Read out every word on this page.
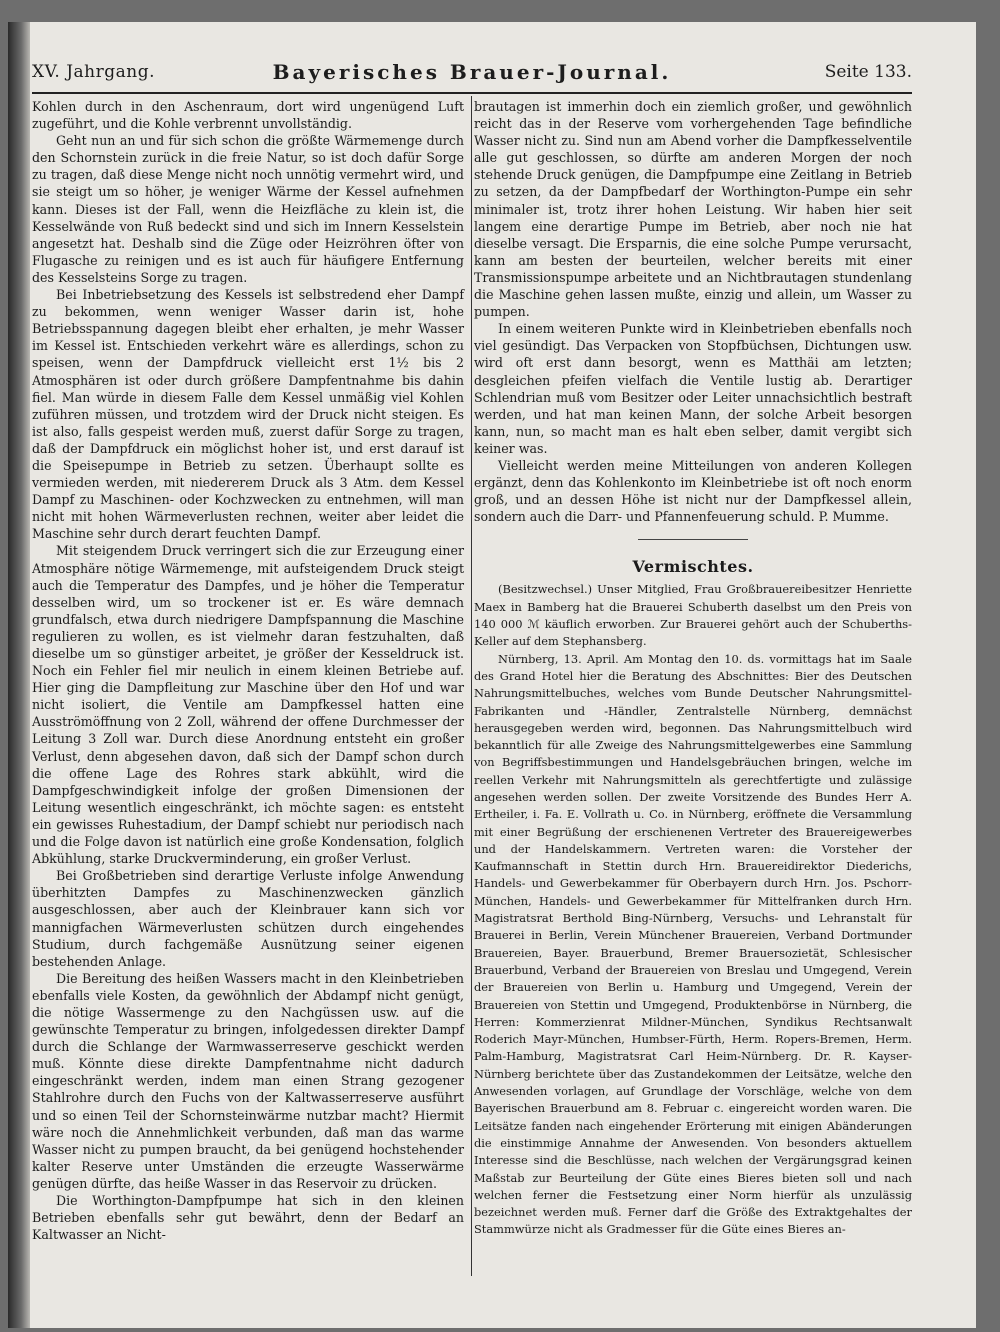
XV. Jahrgang.	Bayerisches Brauer-Journal.	Seite 133.

Kohlen durch in den Aschenraum, dort wird ungenügend Luft zugeführt, und die Kohle verbrennt unvollständig.

Geht nun an und für sich schon die größte Wärmemenge durch den Schornstein zurück in die freie Natur, so ist doch dafür Sorge zu tragen, daß diese Menge nicht noch unnötig vermehrt wird, und sie steigt um so höher, je weniger Wärme der Kessel aufnehmen kann. Dieses ist der Fall, wenn die Heizfläche zu klein ist, die Kesselwände von Ruß bedeckt sind und sich im Innern Kesselstein angesetzt hat. Deshalb sind die Züge oder Heizröhren öfter von Flugasche zu reinigen und es ist auch für häufigere Entfernung des Kesselsteins Sorge zu tragen.

Bei Inbetriebsetzung des Kessels ist selbstredend eher Dampf zu bekommen, wenn weniger Wasser darin ist, hohe Betriebsspannung dagegen bleibt eher erhalten, je mehr Wasser im Kessel ist. Entschieden verkehrt wäre es allerdings, schon zu speisen, wenn der Dampfdruck vielleicht erst 1½ bis 2 Atmosphären ist oder durch größere Dampfentnahme bis dahin fiel. Man würde in diesem Falle dem Kessel unmäßig viel Kohlen zuführen müssen, und trotzdem wird der Druck nicht steigen. Es ist also, falls gespeist werden muß, zuerst dafür Sorge zu tragen, daß der Dampfdruck ein möglichst hoher ist, und erst darauf ist die Speisepumpe in Betrieb zu setzen. Überhaupt sollte es vermieden werden, mit niedererem Druck als 3 Atm. dem Kessel Dampf zu Maschinen- oder Kochzwecken zu entnehmen, will man nicht mit hohen Wärmeverlusten rechnen, weiter aber leidet die Maschine sehr durch derart feuchten Dampf.

Mit steigendem Druck verringert sich die zur Erzeugung einer Atmosphäre nötige Wärmemenge, mit aufsteigendem Druck steigt auch die Temperatur des Dampfes, und je höher die Temperatur desselben wird, um so trockener ist er. Es wäre demnach grundfalsch, etwa durch niedrigere Dampfspannung die Maschine regulieren zu wollen, es ist vielmehr daran festzuhalten, daß dieselbe um so günstiger arbeitet, je größer der Kesseldruck ist. Noch ein Fehler fiel mir neulich in einem kleinen Betriebe auf. Hier ging die Dampfleitung zur Maschine über den Hof und war nicht isoliert, die Ventile am Dampfkessel hatten eine Ausströmöffnung von 2 Zoll, während der offene Durchmesser der Leitung 3 Zoll war. Durch diese Anordnung entsteht ein großer Verlust, denn abgesehen davon, daß sich der Dampf schon durch die offene Lage des Rohres stark abkühlt, wird die Dampfgeschwindigkeit infolge der großen Dimensionen der Leitung wesentlich eingeschränkt, ich möchte sagen: es entsteht ein gewisses Ruhestadium, der Dampf schiebt nur periodisch nach und die Folge davon ist natürlich eine große Kondensation, folglich Abkühlung, starke Druckverminderung, ein großer Verlust.

Bei Großbetrieben sind derartige Verluste infolge Anwendung überhitzten Dampfes zu Maschinenzwecken gänzlich ausgeschlossen, aber auch der Kleinbrauer kann sich vor mannigfachen Wärmeverlusten schützen durch eingehendes Studium, durch fachgemäße Ausnützung seiner eigenen bestehenden Anlage.

Die Bereitung des heißen Wassers macht in den Kleinbetrieben ebenfalls viele Kosten, da gewöhnlich der Abdampf nicht genügt, die nötige Wassermenge zu den Nachgüssen usw. auf die gewünschte Temperatur zu bringen, infolgedessen direkter Dampf durch die Schlange der Warmwasserreserve geschickt werden muß. Könnte diese direkte Dampfentnahme nicht dadurch eingeschränkt werden, indem man einen Strang gezogener Stahlrohre durch den Fuchs von der Kaltwasserreserve ausführt und so einen Teil der Schornsteinwärme nutzbar macht? Hiermit wäre noch die Annehmlichkeit verbunden, daß man das warme Wasser nicht zu pumpen braucht, da bei genügend hochstehender kalter Reserve unter Umständen die erzeugte Wasserwärme genügen dürfte, das heiße Wasser in das Reservoir zu drücken.

Die Worthington-Dampfpumpe hat sich in den kleinen Betrieben ebenfalls sehr gut bewährt, denn der Bedarf an Kaltwasser an Nicht-

brautagen ist immerhin doch ein ziemlich großer, und gewöhnlich reicht das in der Reserve vom vorhergehenden Tage befindliche Wasser nicht zu. Sind nun am Abend vorher die Dampfkesselventile alle gut geschlossen, so dürfte am anderen Morgen der noch stehende Druck genügen, die Dampfpumpe eine Zeitlang in Betrieb zu setzen, da der Dampfbedarf der Worthington-Pumpe ein sehr minimaler ist, trotz ihrer hohen Leistung. Wir haben hier seit langem eine derartige Pumpe im Betrieb, aber noch nie hat dieselbe versagt. Die Ersparnis, die eine solche Pumpe verursacht, kann am besten der beurteilen, welcher bereits mit einer Transmissionspumpe arbeitete und an Nichtbrautagen stundenlang die Maschine gehen lassen mußte, einzig und allein, um Wasser zu pumpen.

In einem weiteren Punkte wird in Kleinbetrieben ebenfalls noch viel gesündigt. Das Verpacken von Stopfbüchsen, Dichtungen usw. wird oft erst dann besorgt, wenn es Matthäi am letzten; desgleichen pfeifen vielfach die Ventile lustig ab. Derartiger Schlendrian muß vom Besitzer oder Leiter unnachsichtlich bestraft werden, und hat man keinen Mann, der solche Arbeit besorgen kann, nun, so macht man es halt eben selber, damit vergibt sich keiner was.

Vielleicht werden meine Mitteilungen von anderen Kollegen ergänzt, denn das Kohlenkonto im Kleinbetriebe ist oft noch enorm groß, und an dessen Höhe ist nicht nur der Dampfkessel allein, sondern auch die Darr- und Pfannenfeuerung schuld. P. Mumme.

Vermischtes.

(Besitzwechsel.) Unser Mitglied, Frau Großbrauereibesitzer Henriette Maex in Bamberg hat die Brauerei Schuberth daselbst um den Preis von 140 000 ℳ käuflich erworben. Zur Brauerei gehört auch der Schuberths-Keller auf dem Stephansberg.

Nürnberg, 13. April. Am Montag den 10. ds. vormittags hat im Saale des Grand Hotel hier die Beratung des Abschnittes: Bier des Deutschen Nahrungsmittelbuches, welches vom Bunde Deutscher Nahrungsmittel-Fabrikanten und -Händler, Zentralstelle Nürnberg, demnächst herausgegeben werden wird, begonnen. Das Nahrungsmittelbuch wird bekanntlich für alle Zweige des Nahrungsmittelgewerbes eine Sammlung von Begriffsbestimmungen und Handelsgebräuchen bringen, welche im reellen Verkehr mit Nahrungsmitteln als gerechtfertigte und zulässige angesehen werden sollen. Der zweite Vorsitzende des Bundes Herr A. Ertheiler, i. Fa. E. Vollrath u. Co. in Nürnberg, eröffnete die Versammlung mit einer Begrüßung der erschienenen Vertreter des Brauereigewerbes und der Handelskammern. Vertreten waren: die Vorsteher der Kaufmannschaft in Stettin durch Hrn. Brauereidirektor Diederichs, Handels- und Gewerbekammer für Oberbayern durch Hrn. Jos. Pschorr-München, Handels- und Gewerbekammer für Mittelfranken durch Hrn. Magistratsrat Berthold Bing-Nürnberg, Versuchs- und Lehranstalt für Brauerei in Berlin, Verein Münchener Brauereien, Verband Dortmunder Brauereien, Bayer. Brauerbund, Bremer Brauersozietät, Schlesischer Brauerbund, Verband der Brauereien von Breslau und Umgegend, Verein der Brauereien von Berlin u. Hamburg und Umgegend, Verein der Brauereien von Stettin und Umgegend, Produktenbörse in Nürnberg, die Herren: Kommerzienrat Mildner-München, Syndikus Rechtsanwalt Roderich Mayr-München, Humbser-Fürth, Herm. Ropers-Bremen, Herm. Palm-Hamburg, Magistratsrat Carl Heim-Nürnberg. Dr. R. Kayser-Nürnberg berichtete über das Zustandekommen der Leitsätze, welche den Anwesenden vorlagen, auf Grundlage der Vorschläge, welche von dem Bayerischen Brauerbund am 8. Februar c. eingereicht worden waren. Die Leitsätze fanden nach eingehender Erörterung mit einigen Abänderungen die einstimmige Annahme der Anwesenden. Von besonders aktuellem Interesse sind die Beschlüsse, nach welchen der Vergärungsgrad keinen Maßstab zur Beurteilung der Güte eines Bieres bieten soll und nach welchen ferner die Festsetzung einer Norm hierfür als unzulässig bezeichnet werden muß. Ferner darf die Größe des Extraktgehaltes der Stammwürze nicht als Gradmesser für die Güte eines Bieres an-
